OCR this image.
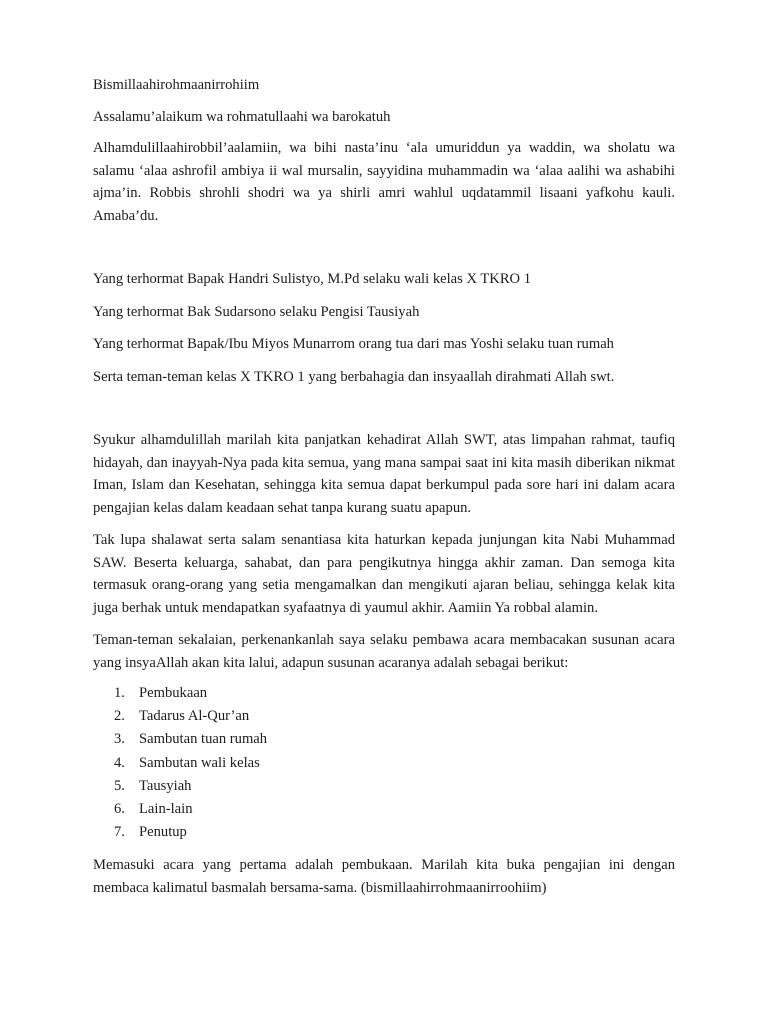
Bismillaahirohmaanirrohiim

Assalamu’alaikum wa rohmatullaahi wa barokatuh

Alhamdulillaahirobbil’aalamiin, wa bihi nasta’inu ‘ala umuriddun ya waddin, wa sholatu wa salamu ‘alaa ashrofil ambiya ii wal mursalin, sayyidina muhammadin wa ‘alaa aalihi wa ashabihi ajma’in. Robbis shrohli shodri wa ya shirli amri wahlul uqdatammil lisaani yafkohu kauli. Amaba’du.

Yang terhormat Bapak Handri Sulistyo, M.Pd selaku wali kelas X TKRO 1

Yang terhormat Bak Sudarsono selaku Pengisi Tausiyah

Yang terhormat Bapak/Ibu Miyos Munarrom orang tua dari mas Yoshi selaku tuan rumah

Serta teman-teman kelas X TKRO 1 yang berbahagia dan insyaallah dirahmati Allah swt.

Syukur alhamdulillah marilah kita panjatkan kehadirat Allah SWT, atas limpahan rahmat, taufiq hidayah, dan inayyah-Nya pada kita semua, yang mana sampai saat ini kita masih diberikan nikmat Iman, Islam dan Kesehatan, sehingga kita semua dapat berkumpul pada sore hari ini dalam acara pengajian kelas dalam keadaan sehat tanpa kurang suatu apapun.

Tak lupa shalawat serta salam senantiasa kita haturkan kepada junjungan kita Nabi Muhammad SAW. Beserta keluarga, sahabat, dan para pengikutnya hingga akhir zaman. Dan semoga kita termasuk orang-orang yang setia mengamalkan dan mengikuti ajaran beliau, sehingga kelak kita juga berhak untuk mendapatkan syafaatnya di yaumul akhir. Aamiin Ya robbal alamin.

Teman-teman sekalaian, perkenankanlah saya selaku pembawa acara membacakan susunan acara yang insyaAllah akan kita lalui, adapun susunan acaranya adalah sebagai berikut:

1. Pembukaan
2. Tadarus Al-Qur’an
3. Sambutan tuan rumah
4. Sambutan wali kelas
5. Tausyiah
6. Lain-lain
7. Penutup

Memasuki acara yang pertama adalah pembukaan. Marilah kita buka pengajian ini dengan membaca kalimatul basmalah bersama-sama. (bismillaahirrohmaanirroohiim)
